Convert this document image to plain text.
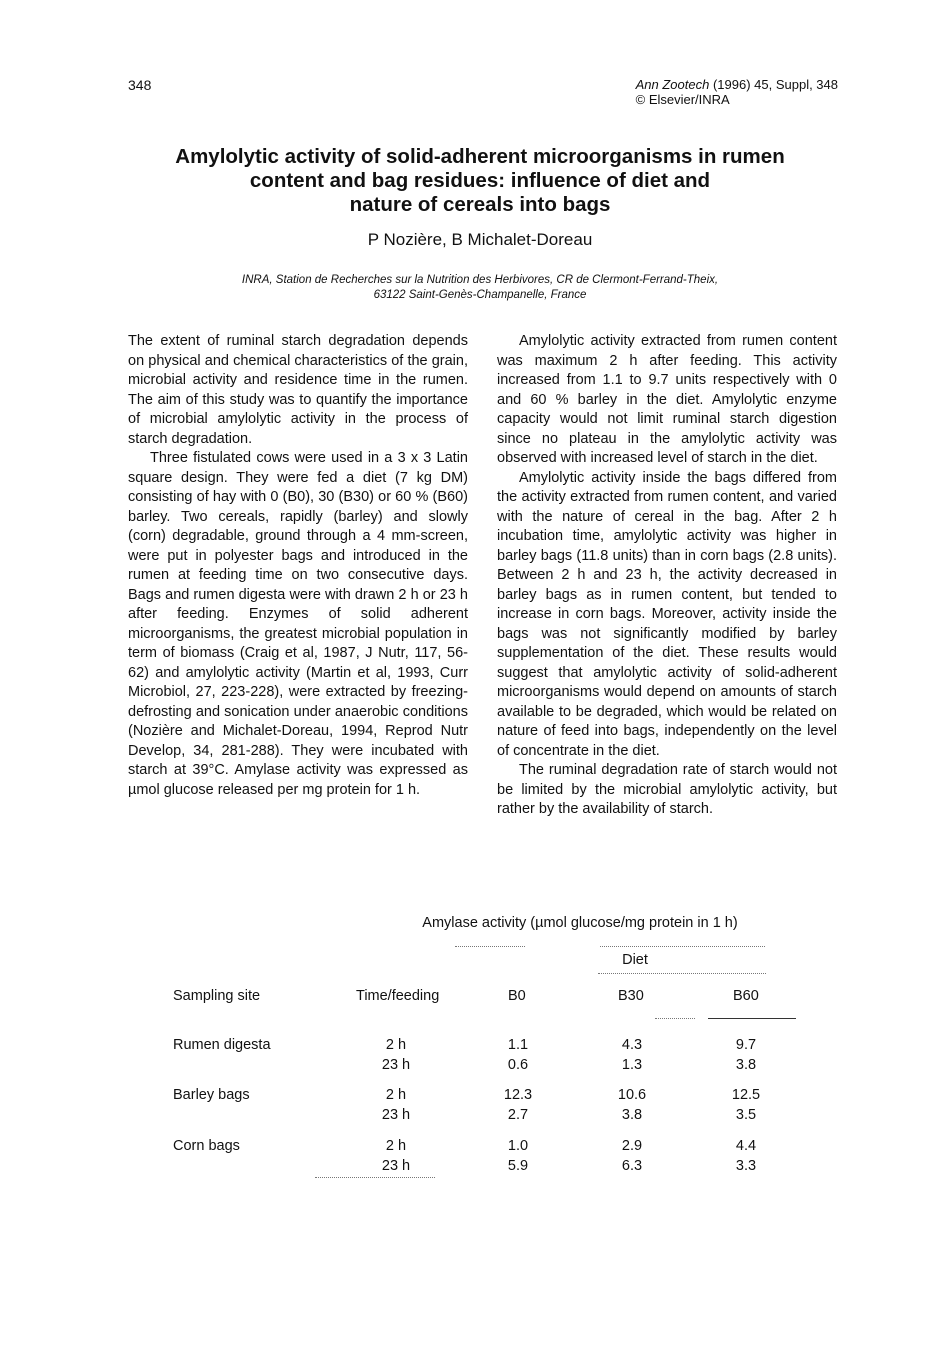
348	Ann Zootech (1996) 45, Suppl, 348
© Elsevier/INRA
Amylolytic activity of solid-adherent microorganisms in rumen
content and bag residues: influence of diet and
nature of cereals into bags
P Nozière, B Michalet-Doreau
INRA, Station de Recherches sur la Nutrition des Herbivores, CR de Clermont-Ferrand-Theix,
63122 Saint-Genès-Champanelle, France

The extent of ruminal starch degradation depends on physical and chemical characteristics of the grain, microbial activity and residence time in the rumen. The aim of this study was to quantify the importance of microbial amylolytic activity in the process of starch degradation.

Three fistulated cows were used in a 3 x 3 Latin square design. They were fed a diet (7 kg DM) consisting of hay with 0 (B0), 30 (B30) or 60 % (B60) barley. Two cereals, rapidly (barley) and slowly (corn) degradable, ground through a 4 mm-screen, were put in polyester bags and introduced in the rumen at feeding time on two consecutive days. Bags and rumen digesta were with drawn 2 h or 23 h after feeding. Enzymes of solid adherent microorganisms, the greatest microbial population in term of biomass (Craig et al, 1987, J Nutr, 117, 56-62) and amylolytic activity (Martin et al, 1993, Curr Microbiol, 27, 223-228), were extracted by freezing-defrosting and sonication under anaerobic conditions (Nozière and Michalet-Doreau, 1994, Reprod Nutr Develop, 34, 281-288). They were incubated with starch at 39°C. Amylase activity was expressed as µmol glucose released per mg protein for 1 h.

Amylolytic activity extracted from rumen content was maximum 2 h after feeding. This activity increased from 1.1 to 9.7 units respectively with 0 and 60 % barley in the diet. Amylolytic enzyme capacity would not limit ruminal starch digestion since no plateau in the amylolytic activity was observed with increased level of starch in the diet.

Amylolytic activity inside the bags differed from the activity extracted from rumen content, and varied with the nature of cereal in the bag. After 2 h incubation time, amylolytic activity was higher in barley bags (11.8 units) than in corn bags (2.8 units). Between 2 h and 23 h, the activity decreased in barley bags as in rumen content, but tended to increase in corn bags. Moreover, activity inside the bags was not significantly modified by barley supplementation of the diet. These results would suggest that amylolytic activity of solid-adherent microorganisms would depend on amounts of starch available to be degraded, which would be related on nature of feed into bags, independently on the level of concentrate in the diet.

The ruminal degradation rate of starch would not be limited by the microbial amylolytic activity, but rather by the availability of starch.

Amylase activity (µmol glucose/mg protein in 1 h)
Diet
Sampling site	Time/feeding	B0	B30	B60
Rumen digesta	2 h	1.1	4.3	9.7
23 h	0.6	1.3	3.8
Barley bags	2 h	12.3	10.6	12.5
23 h	2.7	3.8	3.5
Corn bags	2 h	1.0	2.9	4.4
23 h	5.9	6.3	3.3
